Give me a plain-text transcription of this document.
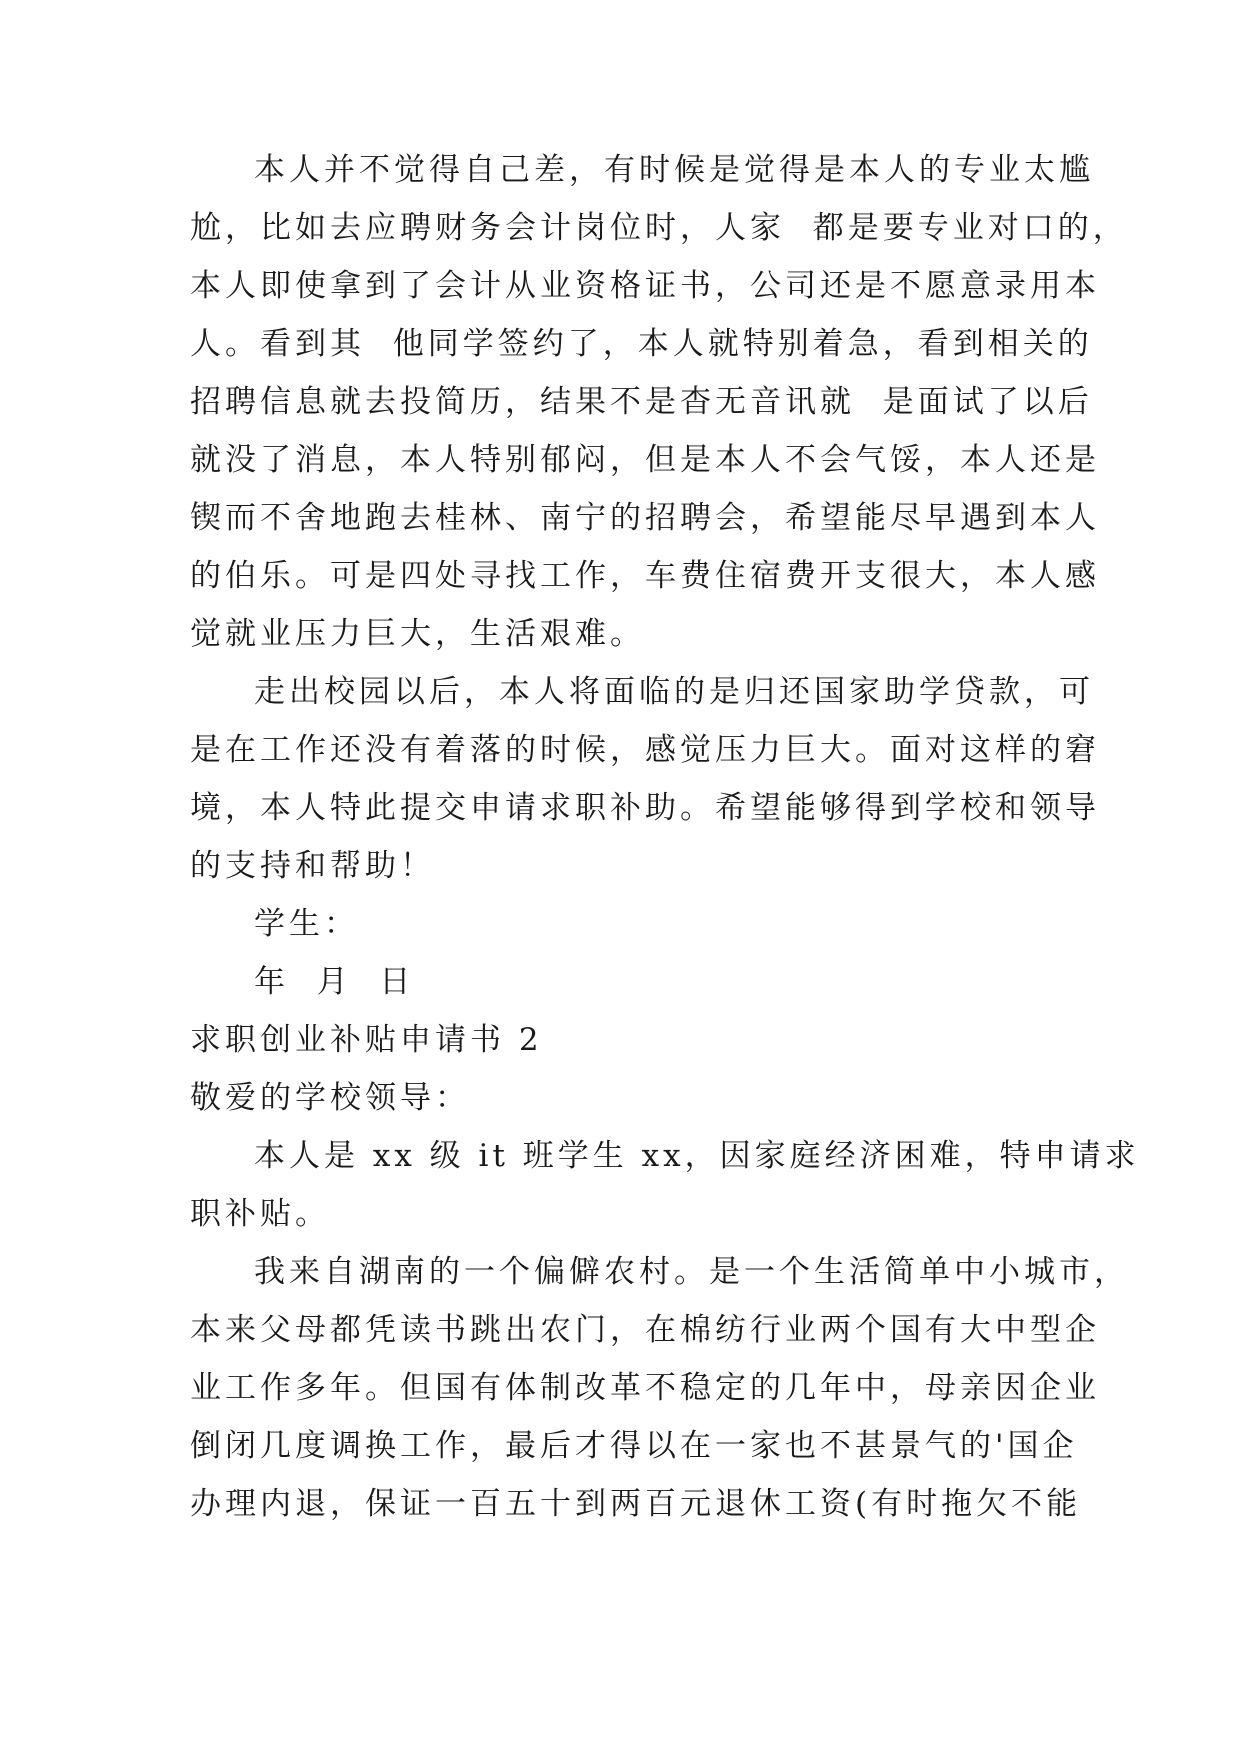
本人并不觉得自己差，有时候是觉得是本人的专业太尴
尬，比如去应聘财务会计岗位时，人家  都是要专业对口的，
本人即使拿到了会计从业资格证书，公司还是不愿意录用本
人。看到其  他同学签约了，本人就特别着急，看到相关的
招聘信息就去投简历，结果不是杳无音讯就  是面试了以后
就没了消息，本人特别郁闷，但是本人不会气馁，本人还是
锲而不舍地跑去桂林、南宁的招聘会，希望能尽早遇到本人
的伯乐。可是四处寻找工作，车费住宿费开支很大，本人感
觉就业压力巨大，生活艰难。
走出校园以后，本人将面临的是归还国家助学贷款，可
是在工作还没有着落的时候，感觉压力巨大。面对这样的窘
境，本人特此提交申请求职补助。希望能够得到学校和领导
的支持和帮助！
学生：
年  月  日
求职创业补贴申请书 2
敬爱的学校领导：
本人是 xx 级 it 班学生 xx，因家庭经济困难，特申请求
职补贴。
我来自湖南的一个偏僻农村。是一个生活简单中小城市，
本来父母都凭读书跳出农门，在棉纺行业两个国有大中型企
业工作多年。但国有体制改革不稳定的几年中，母亲因企业
倒闭几度调换工作，最后才得以在一家也不甚景气的'国企
办理内退，保证一百五十到两百元退休工资(有时拖欠不能
